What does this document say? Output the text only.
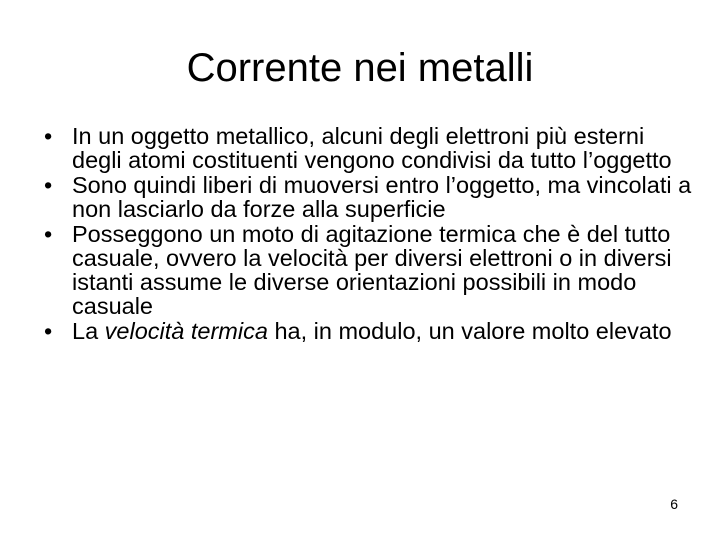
Corrente nei metalli
• In un oggetto metallico, alcuni degli elettroni più esterni degli atomi costituenti vengono condivisi da tutto l’oggetto
• Sono quindi liberi di muoversi entro l’oggetto, ma vincolati a non lasciarlo da forze alla superficie
• Posseggono un moto di agitazione termica che è del tutto casuale, ovvero la velocità per diversi elettroni o in diversi istanti assume le diverse orientazioni possibili in modo casuale
• La velocità termica ha, in modulo, un valore molto elevato
6
